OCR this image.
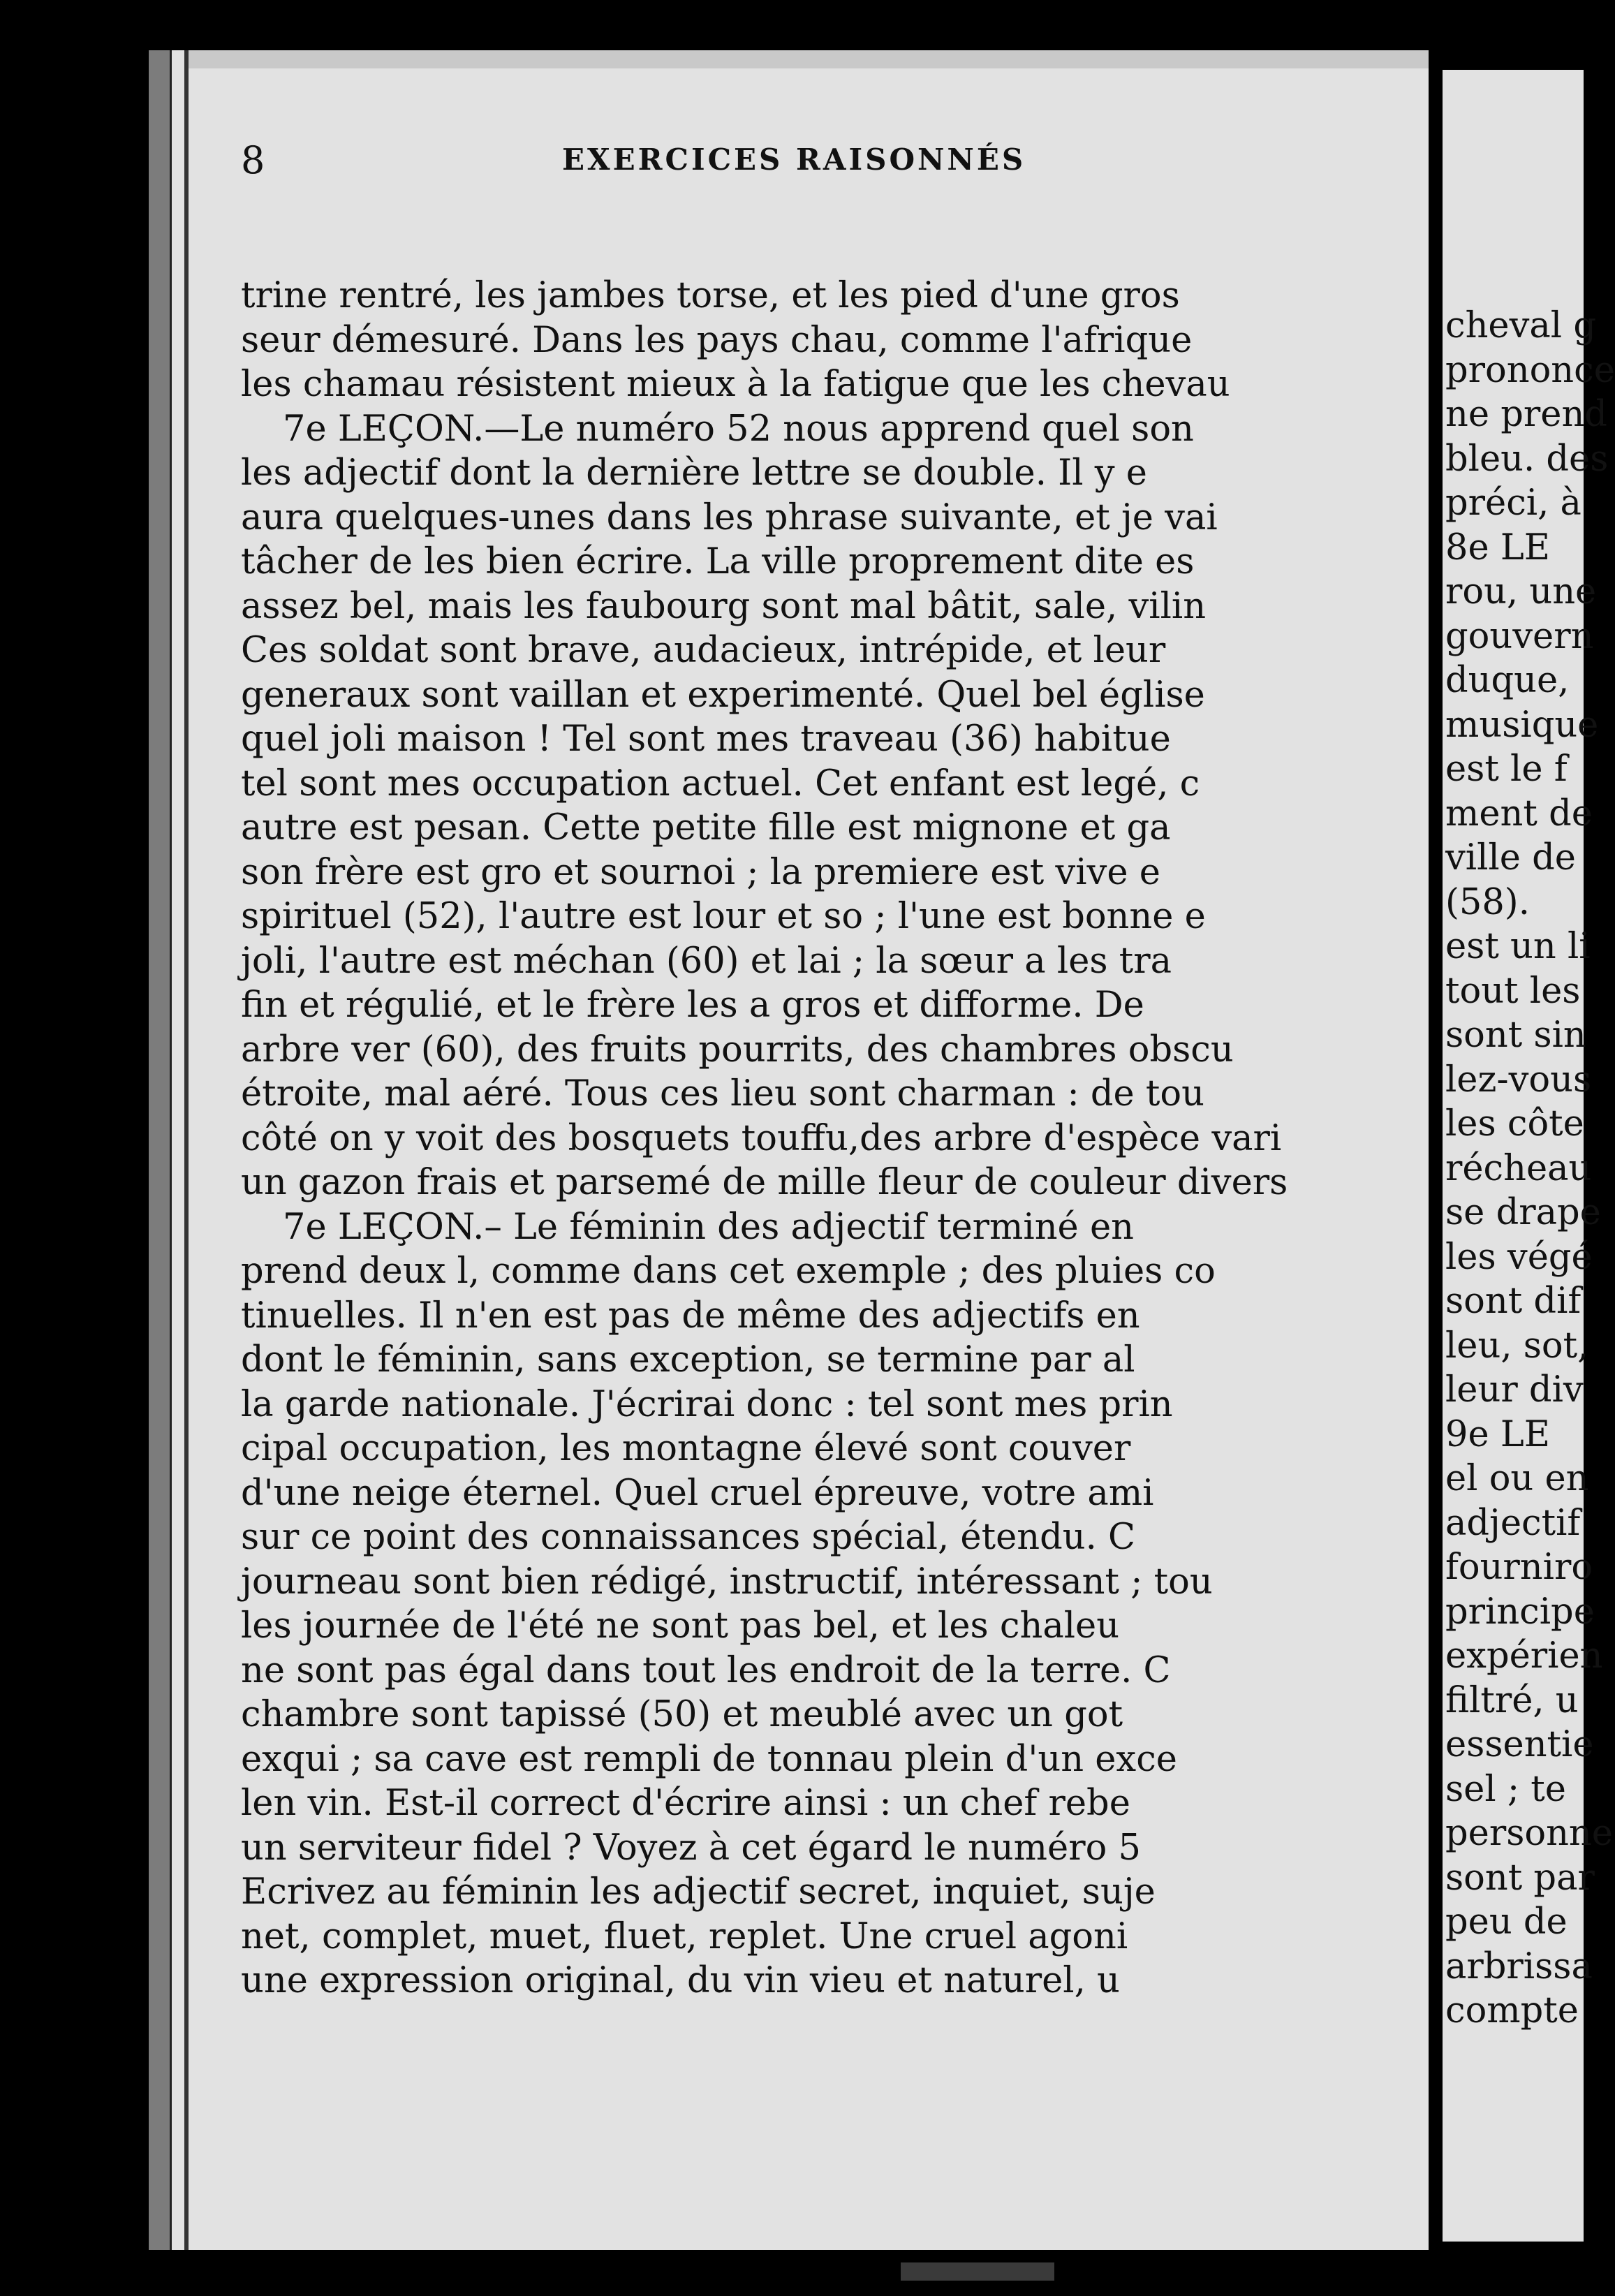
8	EXERCICES RAISONNÉS
trine rentré, les jambes torse, et les pied d'une gros
seur démesuré. Dans les pays chau, comme l'afrique
les chamau résistent mieux à la fatigue que les chevau
7e LEÇON.—Le numéro 52 nous apprend quel son
les adjectif dont la dernière lettre se double. Il y e
aura quelques-unes dans les phrase suivante, et je vai
tâcher de les bien écrire. La ville proprement dite es
assez bel, mais les faubourg sont mal bâtit, sale, vilin
Ces soldat sont brave, audacieux, intrépide, et leur
generaux sont vaillan et experimenté. Quel bel église
quel joli maison ! Tel sont mes traveau (36) habitue
tel sont mes occupation actuel. Cet enfant est legé, c
autre est pesan. Cette petite fille est mignone et ga
son frère est gro et sournoi ; la premiere est vive e
spirituel (52), l'autre est lour et so ; l'une est bonne e
joli, l'autre est méchan (60) et lai ; la sœur a les tra
fin et régulié, et le frère les a gros et difforme. De
arbre ver (60), des fruits pourrits, des chambres obscu
étroite, mal aéré. Tous ces lieu sont charman : de tou
côté on y voit des bosquets touffu,des arbre d'espèce vari
un gazon frais et parsemé de mille fleur de couleur divers
7e LEÇON.– Le féminin des adjectif terminé en
prend deux l, comme dans cet exemple ; des pluies co
tinuelles. Il n'en est pas de même des adjectifs en
dont le féminin, sans exception, se termine par al
la garde nationale. J'écrirai donc : tel sont mes prin
cipal occupation, les montagne élevé sont couver
d'une neige éternel. Quel cruel épreuve, votre ami
sur ce point des connaissances spécial, étendu. C
journeau sont bien rédigé, instructif, intéressant ; tou
les journée de l'été ne sont pas bel, et les chaleu
ne sont pas égal dans tout les endroit de la terre. C
chambre sont tapissé (50) et meublé avec un got
exqui ; sa cave est rempli de tonnau plein d'un exce
len vin. Est-il correct d'écrire ainsi : un chef rebe
un serviteur fidel ? Voyez à cet égard le numéro 5
Ecrivez au féminin les adjectif secret, inquiet, suje
net, complet, muet, fluet, replet. Une cruel agoni
une expression original, du vin vieu et naturel, u
cheval g
prononce
ne prend
bleu. des
préci, à
8e LE
rou, une
gouvern
duque,
musique
est le f
ment de
ville de
(58).
est un li
tout les
sont sin
lez-vous
les côte
récheau
se drape
les végé
sont dif
leu, sot,
leur div
9e LE
el ou en
adjectif
fourniro
principe
expérien
filtré, u
essentie
sel ; te
personne
sont par
peu de
arbrissa
compte
